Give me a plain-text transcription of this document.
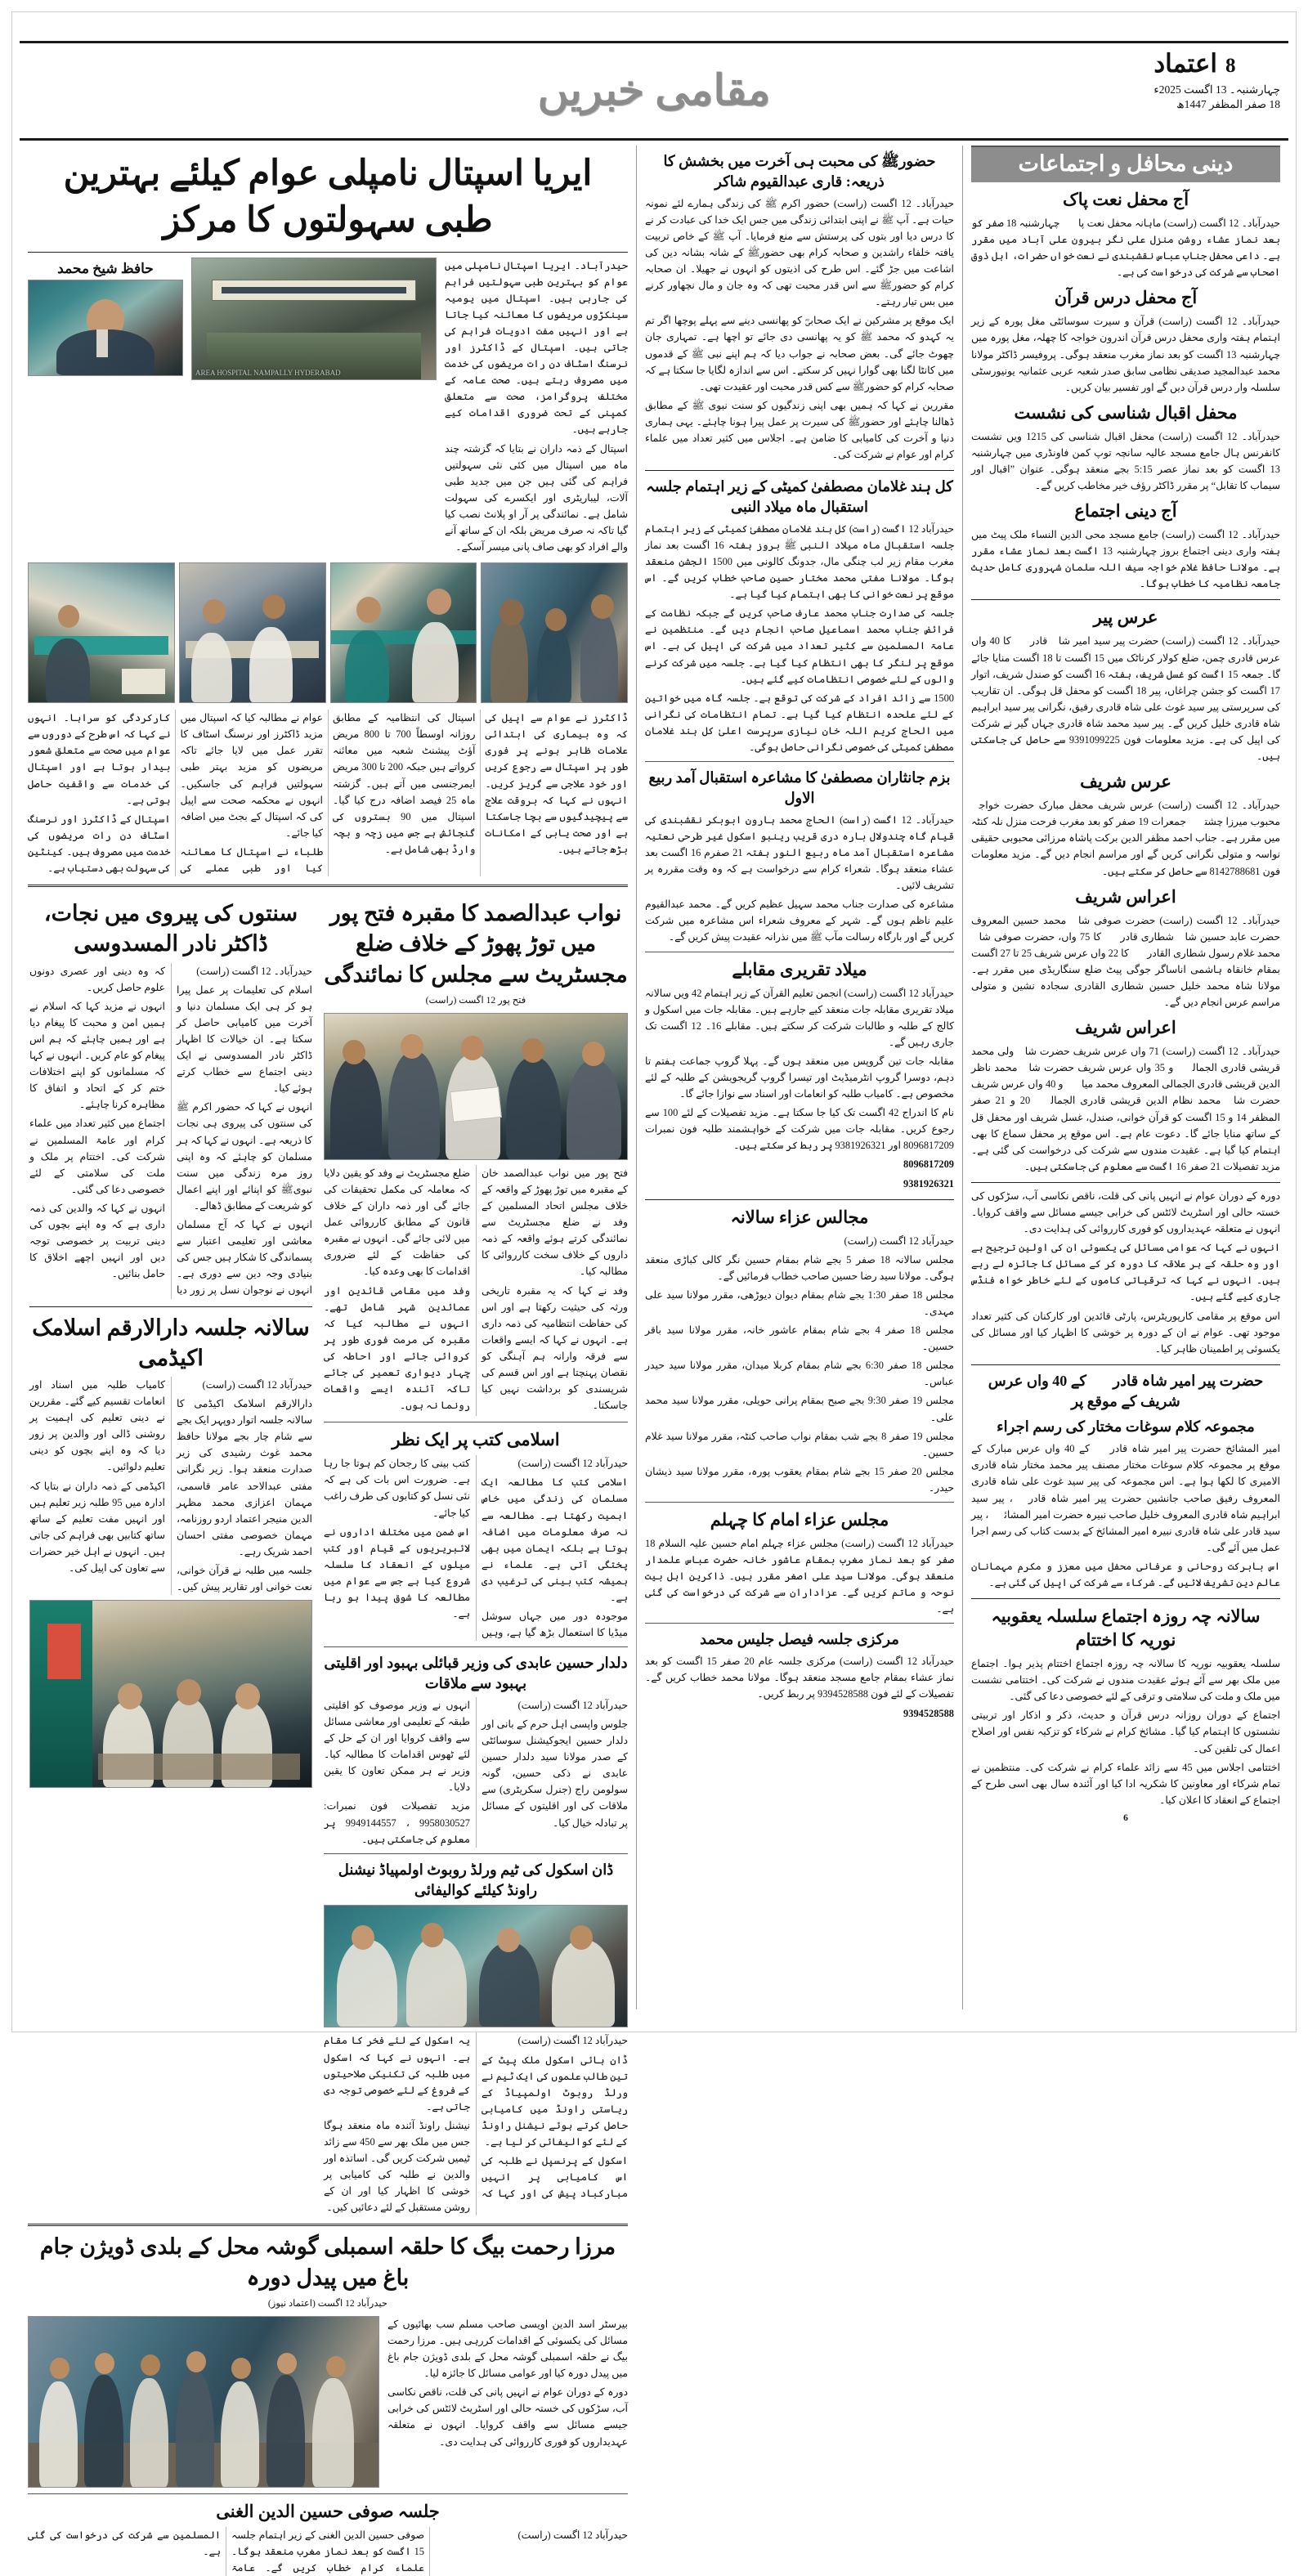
8
اعتماد
چہارشنبہ۔ 13 اگست 2025ء
18 صفر المظفر 1447ھ
مقامی خبریں
دینی محافل و اجتماعات
آج محفل نعت پاک

حیدرآباد۔ 12 اگست (راست) ماہانہ محفل نعت پاکؐ چہارشنبہ 18 صفر کو بعد نماز عشاء روشن منزل علی نگر بیرون علی آباد میں مقرر ہے۔ داعی محفل جناب عباس نقشبندی نے نعت خواں حضرات، اہل ذوق اصحاب سے شرکت کی درخواست کی ہے۔

آج محفل درس قرآن

حیدرآباد۔ 12 اگست (راست) قرآن و سیرت سوسائٹی مغل پورہ کے زیر اہتمام ہفتہ واری محفل درس قرآن اندرون خواجہ کا چھلہ، مغل پورہ میں چہارشنبہ 13 اگست کو بعد نماز مغرب منعقد ہوگی۔ پروفیسر ڈاکٹر مولانا محمد عبدالمجید صدیقی نظامی سابق صدر شعبہ عربی عثمانیہ یونیورسٹی سلسلہ وار درس قرآن دیں گے اور تفسیر بیان کریں۔

محفل اقبال شناسی کی نشست

حیدرآباد۔ 12 اگست (راست) محفل اقبال شناسی کی 1215 ویں نشست کانفرنس ہال جامع مسجد عالیہ سانچہ توپ کمن فاونڈری میں چہارشنبہ 13 اگست کو بعد نماز عصر 5:15 بجے منعقد ہوگی۔ عنوان ”اقبال اور سیماب کا تقابل“ پر مقرر ڈاکٹر رؤف خیر مخاطب کریں گے۔

آج دینی اجتماع

حیدرآباد۔ 12 اگست (راست) جامع مسجد محی الدین النساء ملک پیٹ میں ہفتہ واری دینی اجتماع بروز چہارشنبہ 13 اگست بعد نماز عشاء مقرر ہے۔ مولانا حافظ غلام خواجہ سیف اللہ سلمان شہروری کامل حدیث جامعہ نظامیہ کا خطاب ہوگا۔

عرس پیر

حیدرآباد۔ 12 اگست (راست) حضرت پیر سید امیر شاہ قادریؒ کا 40 واں عرس قادری چمن، ضلع کولار کرناٹک میں 15 اگست تا 18 اگست منایا جائے گا۔ جمعہ 15 اگست کو غسل شریف، ہفتہ 16 اگست کو صندل شریف، اتوار 17 اگست کو جشن چراغاں، پیر 18 اگست کو محفل قل ہوگی۔ ان تقاریب کی سرپرستی پیر سید غوث علی شاہ قادری رفیق، نگرانی پیر سید ابراہیم شاہ قادری خلیل کریں گے۔ پیر سید محمد شاہ قادری جہاں گیر نے شرکت کی اپیل کی ہے۔ مزید معلومات فون 9391099225 سے حاصل کی جاسکتی ہیں۔

عرس شریف

حیدرآباد۔ 12 اگست (راست) عرس شریف محفل مبارک حضرت خواجہ محبوب میرزا چشتیؒ جمعرات 19 صفر کو بعد مغرب فرحت منزل نلہ کنٹہ میں مقرر ہے۔ جناب احمد مظفر الدین برکت پاشاہ مرزائی محبوبی حقیقی نواسہ و متولی نگرانی کریں گے اور مراسم انجام دیں گے۔ مزید معلومات فون 8142788681 سے حاصل کر سکتے ہیں۔

اعراس شریف

حیدرآباد۔ 12 اگست (راست) حضرت صوفی شاہ محمد حسین المعروف حضرت عابد حسین شاہ شطاری قادریؒ کا 75 واں، حضرت صوفی شاہ محمد غلام رسول شطاری القادریؒ کا 22 واں عرس شریف 25 تا 27 اگست بمقام خانقاہ ہاشمی اناساگر جوگی پیٹ ضلع سنگاریڈی میں مقرر ہے۔ مولانا شاہ محمد خلیل حسین شطاری القادری سجادہ نشین و متولی مراسم عرس انجام دیں گے۔

اعراس شریف

حیدرآباد۔ 12 اگست (راست) 71 واں عرس شریف حضرت شاہ ولی محمد قریشی قادری الجمالیؒ و 35 واں عرس شریف حضرت شاہ محمد ناظر الدین قریشی قادری الجمالی المعروف محمد میاںؒ و 40 واں عرس شریف حضرت شاہ محمد نظام الدین قریشی قادری الجمالیؒ 20 و 21 صفر المظفر 14 و 15 اگست کو قرآن خوانی، صندل، غسل شریف اور محفل قل کے ساتھ منایا جائے گا۔ دعوت عام ہے۔ اس موقع پر محفل سماع کا بھی اہتمام کیا گیا ہے۔ عقیدت مندوں سے شرکت کی درخواست کی گئی ہے۔ مزید تفصیلات 21 صفر 16 اگست سے معلوم کی جاسکتی ہیں۔

دورہ کے دوران عوام نے انہیں پانی کی قلت، ناقص نکاسی آب، سڑکوں کی خستہ حالی اور اسٹریٹ لائٹس کی خرابی جیسے مسائل سے واقف کروایا۔ انہوں نے متعلقہ عہدیداروں کو فوری کارروائی کی ہدایت دی۔

انہوں نے کہا کہ عوامی مسائل کی یکسوئی ان کی اولین ترجیح ہے اور وہ حلقہ کے ہر علاقہ کا دورہ کر کے مسائل کا جائزہ لے رہے ہیں۔ انہوں نے کہا کہ ترقیاتی کاموں کے لئے خاطر خواہ فنڈس جاری کیے گئے ہیں۔

اس موقع پر مقامی کارپوریٹرس، پارٹی قائدین اور کارکنان کی کثیر تعداد موجود تھی۔ عوام نے ان کے دورہ پر خوشی کا اظہار کیا اور مسائل کی یکسوئی پر اطمینان ظاہر کیا۔

حضرت پیر امیر شاہ قادریؒ کے 40 واں عرس شریف کے موقع پر
مجموعہ کلام سوغات مختار کی رسم اجراء

امیر المشائخ حضرت پیر امیر شاہ قادریؒ کے 40 واں عرس مبارک کے موقع پر مجموعہ کلام سوغات مختار مصنف پیر محمد مختار شاہ قادری الامیری کا لکھا ہوا ہے۔ اس مجموعہ کی پیر سید غوث علی شاہ قادری المعروف رفیق صاحب جانشین حضرت پیر امیر شاہ قادریؒ، پیر سید ابراہیم شاہ قادری المعروف خلیل صاحب نبیرہ حضرت امیر المشائخؒ، پیر سید قادر علی شاہ قادری نبیرہ امیر المشائخ کے بدست کتاب کی رسم اجرا عمل میں آئے گی۔

اس بابرکت روحانی و عرفانی محفل میں معزز و مکرم مہمانان عالم دین تشریف لائیں گے۔ شرکاء سے شرکت کی اپیل کی گئی ہے۔

سالانہ چہ روزہ اجتماع سلسلہ یعقوبیہ نوریہ کا اختتام

سلسلہ یعقوبیہ نوریہ کا سالانہ چہ روزہ اجتماع اختتام پذیر ہوا۔ اجتماع میں ملک بھر سے آئے ہوئے عقیدت مندوں نے شرکت کی۔ اختتامی نشست میں ملک و ملت کی سلامتی و ترقی کے لئے خصوصی دعا کی گئی۔

اجتماع کے دوران روزانہ درس قرآن و حدیث، ذکر و اذکار اور تربیتی نشستوں کا اہتمام کیا گیا۔ مشائخ کرام نے شرکاء کو تزکیہ نفس اور اصلاح اعمال کی تلقین کی۔

اختتامی اجلاس میں 45 سے زائد علماء کرام نے شرکت کی۔ منتظمین نے تمام شرکاء اور معاونین کا شکریہ ادا کیا اور آئندہ سال بھی اسی طرح کے اجتماع کے انعقاد کا اعلان کیا۔

6
حضورﷺ کی محبت ہی آخرت میں بخشش کا ذریعہ: قاری عبدالقیوم شاکر

حیدرآباد۔ 12 اگست (راست) حضور اکرم ﷺ کی زندگی ہمارے لئے نمونہ حیات ہے۔ آپ ﷺ نے اپنی ابتدائی زندگی میں جس ایک خدا کی عبادت کر نے کا درس دیا اور بتوں کی پرستش سے منع فرمایا۔ آپ ﷺ کے خاص تربیت یافتہ خلفاء راشدین و صحابہ کرام بھی حضورﷺ کے شانہ بشانہ دین کی اشاعت میں جڑ گئے۔ اس طرح کی اذیتوں کو انہوں نے جھیلا۔ ان صحابہ کرام کو حضورﷺ سے اس قدر محبت تھی کہ وہ جان و مال نچھاور کرنے میں بس تیار رہتے۔

ایک موقع پر مشرکین نے ایک صحابیؓ کو پھانسی دینے سے پہلے پوچھا اگر تم یہ کہدو کہ محمد ﷺ کو یہ پھانسی دی جائے تو اچھا ہے۔ تمہاری جان چھوٹ جائے گی۔ بعض صحابہ نے جواب دیا کہ ہم اپنے نبی ﷺ کے قدموں میں کانٹا لگنا بھی گوارا نہیں کر سکتے۔ اس سے اندازہ لگایا جا سکتا ہے کہ صحابہ کرام کو حضورﷺ سے کس قدر محبت اور عقیدت تھی۔

مقررین نے کہا کہ ہمیں بھی اپنی زندگیوں کو سنت نبوی ﷺ کے مطابق ڈھالنا چاہئے اور حضورﷺ کی سیرت پر عمل پیرا ہونا چاہئے۔ یہی ہماری دنیا و آخرت کی کامیابی کا ضامن ہے۔ اجلاس میں کثیر تعداد میں علماء کرام اور عوام نے شرکت کی۔

کل ہند غلامان مصطفیٰ کمیٹی کے زیر اہتمام جلسہ استقبال ماہ میلاد النبی

حیدرآباد 12 اگست (راست) کل ہند غلامان مصطفیٰ کمیٹی کے زیر اہتمام جلسہ استقبال ماہ میلاد النبی ﷺ بروز ہفتہ 16 اگست بعد نماز مغرب مقام زیر لب چنگی مال، جدونگ کالونی میں 1500 الجشن منعقد ہوگا۔ مولانا مفتی محمد مختار حسین صاحب خطاب کریں گے۔ اس موقع پر نعت خوانی کا بھی اہتمام کیا گیا ہے۔

جلسہ کی صدارت جناب محمد عارف صاحب کریں گے جبکہ نظامت کے فرائض جناب محمد اسماعیل صاحب انجام دیں گے۔ منتظمین نے عامۃ المسلمین سے کثیر تعداد میں شرکت کی اپیل کی ہے۔ اس موقع پر لنگر کا بھی انتظام کیا گیا ہے۔ جلسہ میں شرکت کرنے والوں کے لئے خصوصی انتظامات کیے گئے ہیں۔

1500 سے زائد افراد کے شرکت کی توقع ہے۔ جلسہ گاہ میں خواتین کے لئے علحدہ انتظام کیا گیا ہے۔ تمام انتظامات کی نگرانی میں الحاج کریم اللہ خان نیازی سرپرست اعلیٰ کل ہند غلامان مصطفیٰ کمیٹی کی خصوصی نگرانی حاصل ہوگی۔

بزم جانثاران مصطفیٰ کا مشاعرہ استقبال آمد ربیع الاول

حیدرآباد۔ 12 اگست (راست) الحاج محمد ہارون ابوبکر نقشبندی کی قیام گاہ چندولال بارہ دری قریب رینبو اسکول غیر طرحی نعتیہ مشاعرہ استقبال آمد ماہ ربیع النور ہفتہ 21 صفرم 16 اگست بعد عشاء منعقد ہوگا۔ شعراء کرام سے درخواست ہے کہ وہ وقت مقررہ پر تشریف لائیں۔

مشاعرہ کی صدارت جناب محمد سہیل عظیم کریں گے۔ محمد عبدالقیوم علیم ناظم ہوں گے۔ شہر کے معروف شعراء اس مشاعرہ میں شرکت کریں گے اور بارگاہ رسالت مآب ﷺ میں نذرانہ عقیدت پیش کریں گے۔

میلاد تقریری مقابلے

حیدرآباد 12 اگست (راست) انجمن تعلیم القرآن کے زیر اہتمام 42 ویں سالانہ میلاد تقریری مقابلہ جات منعقد کیے جارہے ہیں۔ مقابلہ جات میں اسکول و کالج کے طلبہ و طالبات شرکت کر سکتے ہیں۔ مقابلے 16۔ 12 اگست تک جاری رہیں گے۔

مقابلہ جات تین گروپس میں منعقد ہوں گے۔ پہلا گروپ جماعت ہفتم تا دہم، دوسرا گروپ انٹرمیڈیٹ اور تیسرا گروپ گریجویشن کے طلبہ کے لئے مخصوص ہے۔ کامیاب طلبہ کو انعامات اور اسناد سے نوازا جائے گا۔

نام کا اندراج 42 اگست تک کیا جا سکتا ہے۔ مزید تفصیلات کے لئے 100 سے رجوع کریں۔ مقابلہ جات میں شرکت کے خواہشمند طلبہ فون نمبرات 8096817209 اور 9381926321 پر ربط کر سکتے ہیں۔

8096817209

9381926321

مجالس عزاء سالانہ

حیدرآباد 12 اگست (راست)

مجلس سالانہ 18 صفر 5 بجے شام بمقام حسین نگر کالی کباڑی منعقد ہوگی۔ مولانا سید رضا حسین صاحب خطاب فرمائیں گے۔

مجلس 18 صفر 1:30 بجے شام بمقام دیوان دیوڑھی، مقرر مولانا سید علی مہدی۔

مجلس 18 صفر 4 بجے شام بمقام عاشور خانہ، مقرر مولانا سید باقر حسین۔

مجلس 18 صفر 6:30 بجے شام بمقام کربلا میدان، مقرر مولانا سید حیدر عباس۔

مجلس 19 صفر 9:30 بجے صبح بمقام پرانی حویلی، مقرر مولانا سید محمد علی۔

مجلس 19 صفر 8 بجے شب بمقام نواب صاحب کنٹہ، مقرر مولانا سید غلام حسین۔

مجلس 20 صفر 15 بجے شام بمقام یعقوب پورہ، مقرر مولانا سید ذیشان حیدر۔

مجلس عزاء امام کا چہلم

حیدرآباد 12 اگست (راست) مجلس عزاء چہلم امام حسین علیہ السلام 18 صفر کو بعد نماز مغرب بمقام عاشور خانہ حضرت عباس علمدار منعقد ہوگی۔ مولانا سید علی اصغر مقرر ہیں۔ ذاکرین اہل بیت نوحہ و ماتم کریں گے۔ عزاداران سے شرکت کی درخواست کی گئی ہے۔

مرکزی جلسہ فیصل جلیس محمد

حیدرآباد 12 اگست (راست) مرکزی جلسہ عام 20 صفر 15 اگست کو بعد نماز عشاء بمقام جامع مسجد منعقد ہوگا۔ مولانا محمد خطاب کریں گے۔ تفصیلات کے لئے فون 9394528588 پر ربط کریں۔

9394528588

ایریا اسپتال نامپلی عوام کیلئے بہترین طبی سہولتوں کا مرکز

حیدرآباد۔ ایریا اسپتال نامپلی میں عوام کو بہترین طبی سہولتیں فراہم کی جارہی ہیں۔ اسپتال میں یومیہ سینکڑوں مریضوں کا معائنہ کیا جاتا ہے اور انہیں مفت ادویات فراہم کی جاتی ہیں۔ اسپتال کے ڈاکٹرز اور نرسنگ اسٹاف دن رات مریضوں کی خدمت میں مصروف رہتے ہیں۔ صحت عامہ کے مختلف پروگرامز، صحت سے متعلق کمپنی کے تحت ضروری اقدامات کیے جارہے ہیں۔

اسپتال کے ذمہ داران نے بتایا کہ گزشتہ چند ماہ میں اسپتال میں کئی نئی سہولتیں فراہم کی گئی ہیں جن میں جدید طبی آلات، لیباریٹری اور ایکسرے کی سہولت شامل ہے۔ نمائندگی پر آر او پلانٹ نصب کیا گیا تاکہ نہ صرف مریض بلکہ ان کے ساتھ آنے والے افراد کو بھی صاف پانی میسر آسکے۔

AREA HOSPITAL NAMPALLY HYDERABAD
حافظ شیخ محمد

ڈاکٹرز نے عوام سے اپیل کی کہ وہ بیماری کی ابتدائی علامات ظاہر ہونے پر فوری طور پر اسپتال سے رجوع کریں اور خود علاجی سے گریز کریں۔ انہوں نے کہا کہ بروقت علاج سے پیچیدگیوں سے بچا جاسکتا ہے اور صحت یابی کے امکانات بڑھ جاتے ہیں۔

اسپتال کی انتظامیہ کے مطابق روزانہ اوسطاً 700 تا 800 مریض آؤٹ پیشنٹ شعبہ میں معائنہ کرواتے ہیں جبکہ 200 تا 300 مریض ایمرجنسی میں آتے ہیں۔ گزشتہ ماہ 25 فیصد اضافہ درج کیا گیا۔ اسپتال میں 90 بستروں کی گنجائش ہے جس میں زچہ و بچہ وارڈ بھی شامل ہے۔

عوام نے مطالبہ کیا کہ اسپتال میں مزید ڈاکٹرز اور نرسنگ اسٹاف کا تقرر عمل میں لایا جائے تاکہ مریضوں کو مزید بہتر طبی سہولتیں فراہم کی جاسکیں۔ انہوں نے محکمہ صحت سے اپیل کی کہ اسپتال کے بجٹ میں اضافہ کیا جائے۔

طلباء نے اسپتال کا معائنہ کیا اور طبی عملے کی کارکردگی کو سراہا۔ انہوں نے کہا کہ اس طرح کے دوروں سے عوام میں صحت سے متعلق شعور بیدار ہوتا ہے اور اسپتال کی خدمات سے واقفیت حاصل ہوتی ہے۔

اسپتال کے ڈاکٹرز اور نرسنگ اسٹاف دن رات مریضوں کی خدمت میں مصروف ہیں۔ کینٹین کی سہولت بھی دستیاب ہے۔

نواب عبدالصمد کا مقبرہ فتح پور میں توڑ پھوڑ کے خلاف ضلع مجسٹریٹ سے مجلس کا نمائندگی
فتح پور 12 اگست (راست)

فتح پور میں نواب عبدالصمد خان کے مقبرہ میں توڑ پھوڑ کے واقعہ کے خلاف مجلس اتحاد المسلمین کے وفد نے ضلع مجسٹریٹ سے نمائندگی کرتے ہوئے واقعہ کے ذمہ داروں کے خلاف سخت کارروائی کا مطالبہ کیا۔

وفد نے کہا کہ یہ مقبرہ تاریخی ورثہ کی حیثیت رکھتا ہے اور اس کی حفاظت انتظامیہ کی ذمہ داری ہے۔ انہوں نے کہا کہ ایسے واقعات سے فرقہ وارانہ ہم آہنگی کو نقصان پہنچتا ہے اور اس قسم کی شرپسندی کو برداشت نہیں کیا جاسکتا۔

ضلع مجسٹریٹ نے وفد کو یقین دلایا کہ معاملہ کی مکمل تحقیقات کی جائے گی اور ذمہ داران کے خلاف قانون کے مطابق کارروائی عمل میں لائی جائے گی۔ انہوں نے مقبرہ کی حفاظت کے لئے ضروری اقدامات کا بھی وعدہ کیا۔

وفد میں مقامی قائدین اور عمائدین شہر شامل تھے۔ انہوں نے مطالبہ کیا کہ مقبرہ کی مرمت فوری طور پر کروائی جائے اور احاطہ کی چہار دیواری تعمیر کی جائے تاکہ آئندہ ایسے واقعات رونما نہ ہوں۔

اسلامی کتب پر ایک نظر

حیدرآباد 12 اگست (راست)

اسلامی کتب کا مطالعہ ایک مسلمان کی زندگی میں خاص اہمیت رکھتا ہے۔ مطالعہ سے نہ صرف معلومات میں اضافہ ہوتا ہے بلکہ ایمان میں بھی پختگی آتی ہے۔ علماء نے ہمیشہ کتب بینی کی ترغیب دی ہے۔

موجودہ دور میں جہاں سوشل میڈیا کا استعمال بڑھ گیا ہے، وہیں کتب بینی کا رجحان کم ہوتا جا رہا ہے۔ ضرورت اس بات کی ہے کہ نئی نسل کو کتابوں کی طرف راغب کیا جائے۔

اس ضمن میں مختلف اداروں نے لائبریریوں کے قیام اور کتب میلوں کے انعقاد کا سلسلہ شروع کیا ہے جس سے عوام میں مطالعہ کا شوق پیدا ہو رہا ہے۔

دلدار حسین عابدی کی وزیر قبائلی بہبود اور اقلیتی بہبود سے ملاقات

حیدرآباد 12 اگست (راست)

جلوس واپسی اہل حرم کے بانی اور دلدار حسین ایجوکیشنل سوسائٹی کے صدر مولانا سید دلدار حسین عابدی نے ذکی حسین، گونہ سولومن راج (جنرل سکریٹری) سے ملاقات کی اور اقلیتوں کے مسائل پر تبادلہ خیال کیا۔

انہوں نے وزیر موصوف کو اقلیتی طبقہ کے تعلیمی اور معاشی مسائل سے واقف کروایا اور ان کے حل کے لئے ٹھوس اقدامات کا مطالبہ کیا۔ وزیر نے ہر ممکن تعاون کا یقین دلایا۔

مزید تفصیلات فون نمبرات: 9958030527 ، 9949144557 پر معلوم کی جاسکتی ہیں۔

ڈان اسکول کی ٹیم ورلڈ روبوٹ اولمپیاڈ نیشنل راونڈ کیلئے کوالیفائی

حیدرآباد 12 اگست (راست)

ڈان ہائی اسکول ملک پیٹ کے تین طالب علموں کی ایک ٹیم نے ورلڈ روبوٹ اولمپیاڈ کے ریاستی راونڈ میں کامیابی حاصل کرتے ہوئے نیشنل راونڈ کے لئے کوالیفائی کر لیا ہے۔

اسکول کے پرنسپل نے طلبہ کی اس کامیابی پر انہیں مبارکباد پیش کی اور کہا کہ یہ اسکول کے لئے فخر کا مقام ہے۔ انہوں نے کہا کہ اسکول میں طلبہ کی تکنیکی صلاحیتوں کے فروغ کے لئے خصوصی توجہ دی جاتی ہے۔

نیشنل راونڈ آئندہ ماہ منعقد ہوگا جس میں ملک بھر سے 450 سے زائد ٹیمیں شرکت کریں گی۔ اساتذہ اور والدین نے طلبہ کی کامیابی پر خوشی کا اظہار کیا اور ان کے روشن مستقبل کے لئے دعائیں کیں۔

سنتوں کی پیروی میں نجات، ڈاکٹر نادر المسدوسی

حیدرآباد۔ 12 اگست (راست)

اسلام کی تعلیمات پر عمل پیرا ہو کر ہی ایک مسلمان دنیا و آخرت میں کامیابی حاصل کر سکتا ہے۔ ان خیالات کا اظہار ڈاکٹر نادر المسدوسی نے ایک دینی اجتماع سے خطاب کرتے ہوئے کیا۔

انہوں نے کہا کہ حضور اکرم ﷺ کی سنتوں کی پیروی ہی نجات کا ذریعہ ہے۔ انہوں نے کہا کہ ہر مسلمان کو چاہئے کہ وہ اپنی روز مرہ زندگی میں سنت نبویﷺ کو اپنائے اور اپنے اعمال کو شریعت کے مطابق ڈھالے۔

انہوں نے کہا کہ آج مسلمان معاشی اور تعلیمی اعتبار سے پسماندگی کا شکار ہیں جس کی بنیادی وجہ دین سے دوری ہے۔ انہوں نے نوجوان نسل پر زور دیا کہ وہ دینی اور عصری دونوں علوم حاصل کریں۔

انہوں نے مزید کہا کہ اسلام نے ہمیں امن و محبت کا پیغام دیا ہے اور ہمیں چاہئے کہ ہم اس پیغام کو عام کریں۔ انہوں نے کہا کہ مسلمانوں کو اپنے اختلافات ختم کر کے اتحاد و اتفاق کا مظاہرہ کرنا چاہئے۔

اجتماع میں کثیر تعداد میں علماء کرام اور عامۃ المسلمین نے شرکت کی۔ اختتام پر ملک و ملت کی سلامتی کے لئے خصوصی دعا کی گئی۔

انہوں نے کہا کہ والدین کی ذمہ داری ہے کہ وہ اپنے بچوں کی دینی تربیت پر خصوصی توجہ دیں اور انہیں اچھے اخلاق کا حامل بنائیں۔

سالانہ جلسہ دارالارقم اسلامک اکیڈمی

حیدرآباد 12 اگست (راست)

دارالارقم اسلامک اکیڈمی کا سالانہ جلسہ اتوار دوپہر ایک بجے سے شام چار بجے مولانا حافظ محمد غوث رشیدی کی زیر صدارت منعقد ہوا۔ زیر نگرانی مفتی عبدالاحد عامر قاسمی، مہمان اعزازی محمد مظہر الدین منیجر اعتماد اردو روزنامہ، مہمان خصوصی مفتی احسان احمد شریک رہے۔

جلسہ میں طلبہ نے قرآن خوانی، نعت خوانی اور تقاریر پیش کیں۔ کامیاب طلبہ میں اسناد اور انعامات تقسیم کیے گئے۔ مقررین نے دینی تعلیم کی اہمیت پر روشنی ڈالی اور والدین پر زور دیا کہ وہ اپنے بچوں کو دینی تعلیم دلوائیں۔

اکیڈمی کے ذمہ داران نے بتایا کہ ادارہ میں 95 طلبہ زیر تعلیم ہیں اور انہیں مفت تعلیم کے ساتھ ساتھ کتابیں بھی فراہم کی جاتی ہیں۔ انہوں نے اہل خیر حضرات سے تعاون کی اپیل کی۔

مرزا رحمت بیگ کا حلقہ اسمبلی گوشہ محل کے بلدی ڈویژن جام باغ میں پیدل دورہ
حیدرآباد 12 اگست (اعتماد نیوز)

بیرسٹر اسد الدین اویسی صاحب مسلم سب بھائیوں کے مسائل کی یکسوئی کے اقدامات کررہی ہیں۔ مرزا رحمت بیگ نے حلقہ اسمبلی گوشہ محل کے بلدی ڈویژن جام باغ میں پیدل دورہ کیا اور عوامی مسائل کا جائزہ لیا۔

دورہ کے دوران عوام نے انہیں پانی کی قلت، ناقص نکاسی آب، سڑکوں کی خستہ حالی اور اسٹریٹ لائٹس کی خرابی جیسے مسائل سے واقف کروایا۔ انہوں نے متعلقہ عہدیداروں کو فوری کارروائی کی ہدایت دی۔

جلسہ صوفی حسین الدین الغنی

حیدرآباد 12 اگست (راست)

صوفی حسین الدین الغنی کے زیر اہتمام جلسہ 15 اگست کو بعد نماز مغرب منعقد ہوگا۔ علماء کرام خطاب کریں گے۔ عامۃ المسلمین سے شرکت کی درخواست کی گئی ہے۔
